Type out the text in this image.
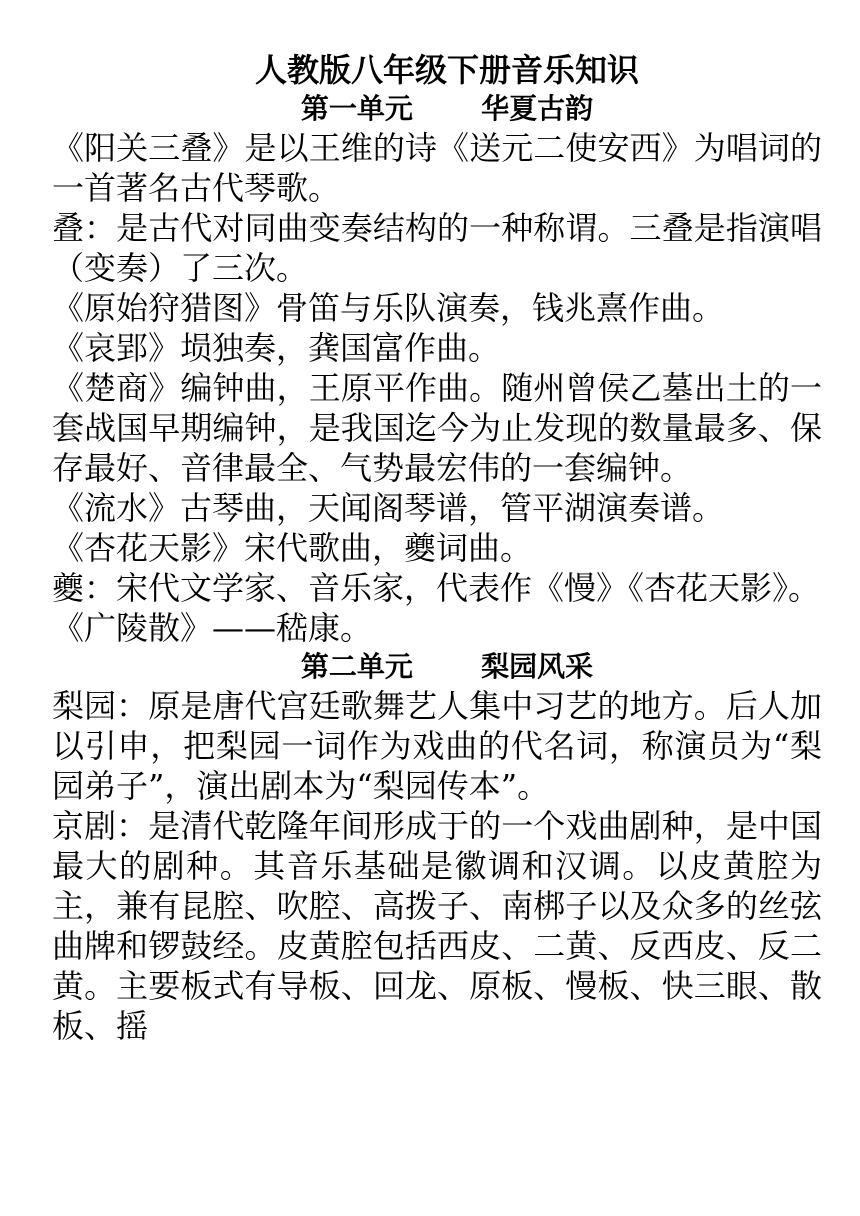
人教版八年级下册音乐知识
第一单元       华夏古韵

《阳关三叠》是以王维的诗《送元二使安西》为唱词的一首著名古代琴歌。

叠：是古代对同曲变奏结构的一种称谓。三叠是指演唱（变奏）了三次。

《原始狩猎图》骨笛与乐队演奏，钱兆熹作曲。

《哀郢》埙独奏，龚国富作曲。

《楚商》编钟曲，王原平作曲。随州曾侯乙墓出土的一套战国早期编钟，是我国迄今为止发现的数量最多、保存最好、音律最全、气势最宏伟的一套编钟。

《流水》古琴曲，天闻阁琴谱，管平湖演奏谱。

《杏花天影》宋代歌曲，夔词曲。

夔：宋代文学家、音乐家，代表作《慢》《杏花天影》。

《广陵散》——嵇康。

第二单元       梨园风采

梨园：原是唐代宫廷歌舞艺人集中习艺的地方。后人加以引申，把梨园一词作为戏曲的代名词，称演员为“梨园弟子”，演出剧本为“梨园传本”。

京剧：是清代乾隆年间形成于的一个戏曲剧种，是中国最大的剧种。其音乐基础是徽调和汉调。以皮黄腔为主，兼有昆腔、吹腔、高拨子、南梆子以及众多的丝弦曲牌和锣鼓经。皮黄腔包括西皮、二黄、反西皮、反二黄。主要板式有导板、回龙、原板、慢板、快三眼、散板、摇
